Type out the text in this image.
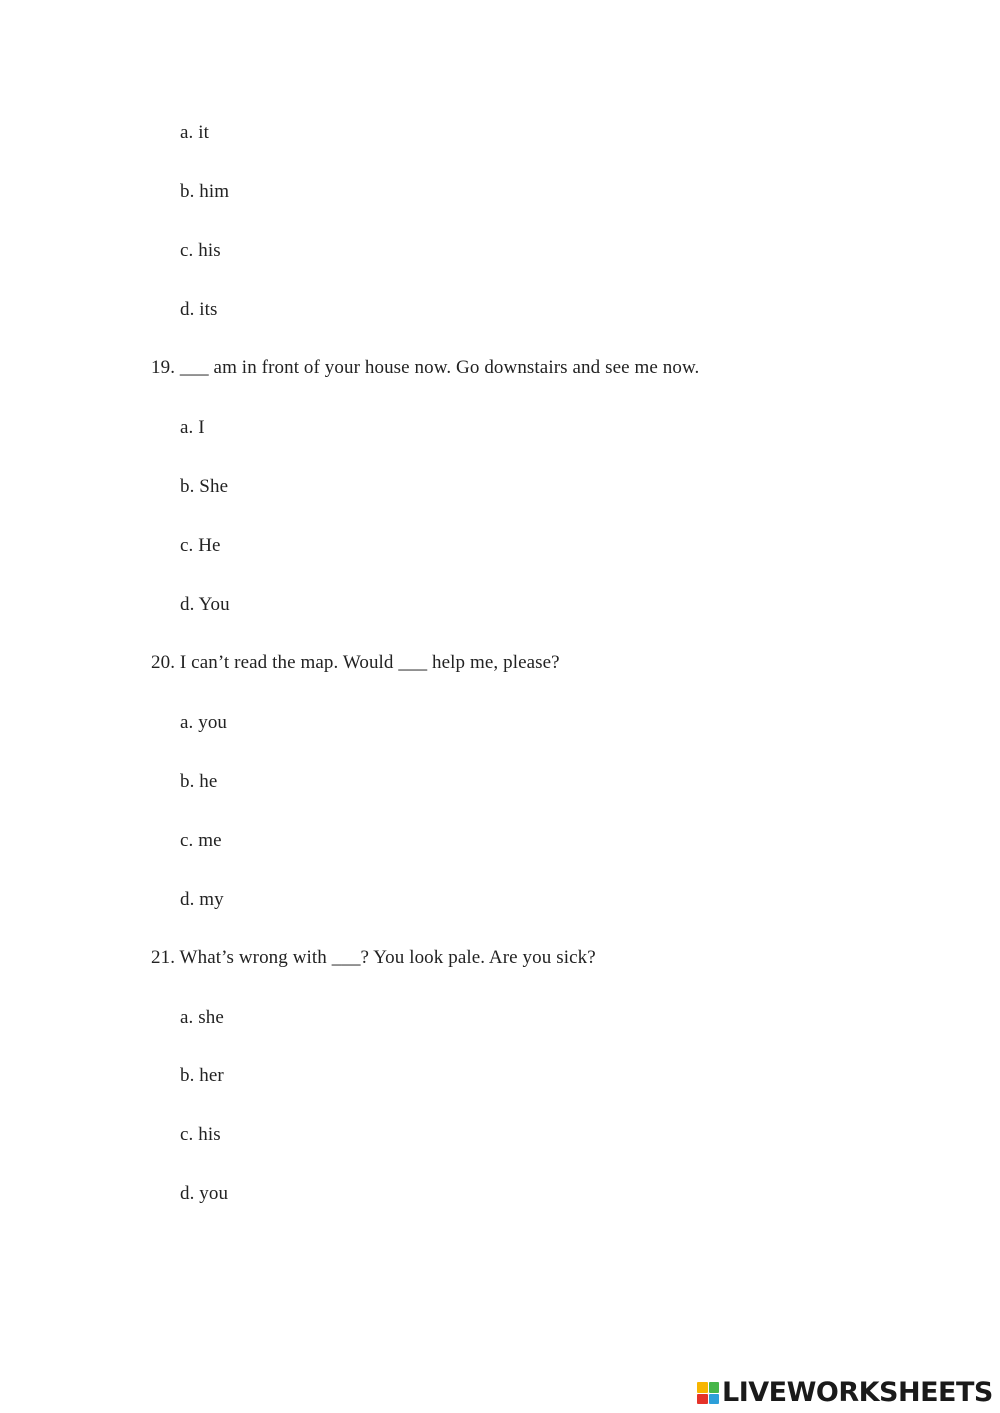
a. it
b. him
c. his
d. its
19. ___ am in front of your house now. Go downstairs and see me now.
a. I
b. She
c. He
d. You
20. I can’t read the map. Would ___ help me, please?
a. you
b. he
c. me
d. my
21. What’s wrong with ___? You look pale. Are you sick?
a. she
b. her
c. his
d. you
LIVEWORKSHEETS
